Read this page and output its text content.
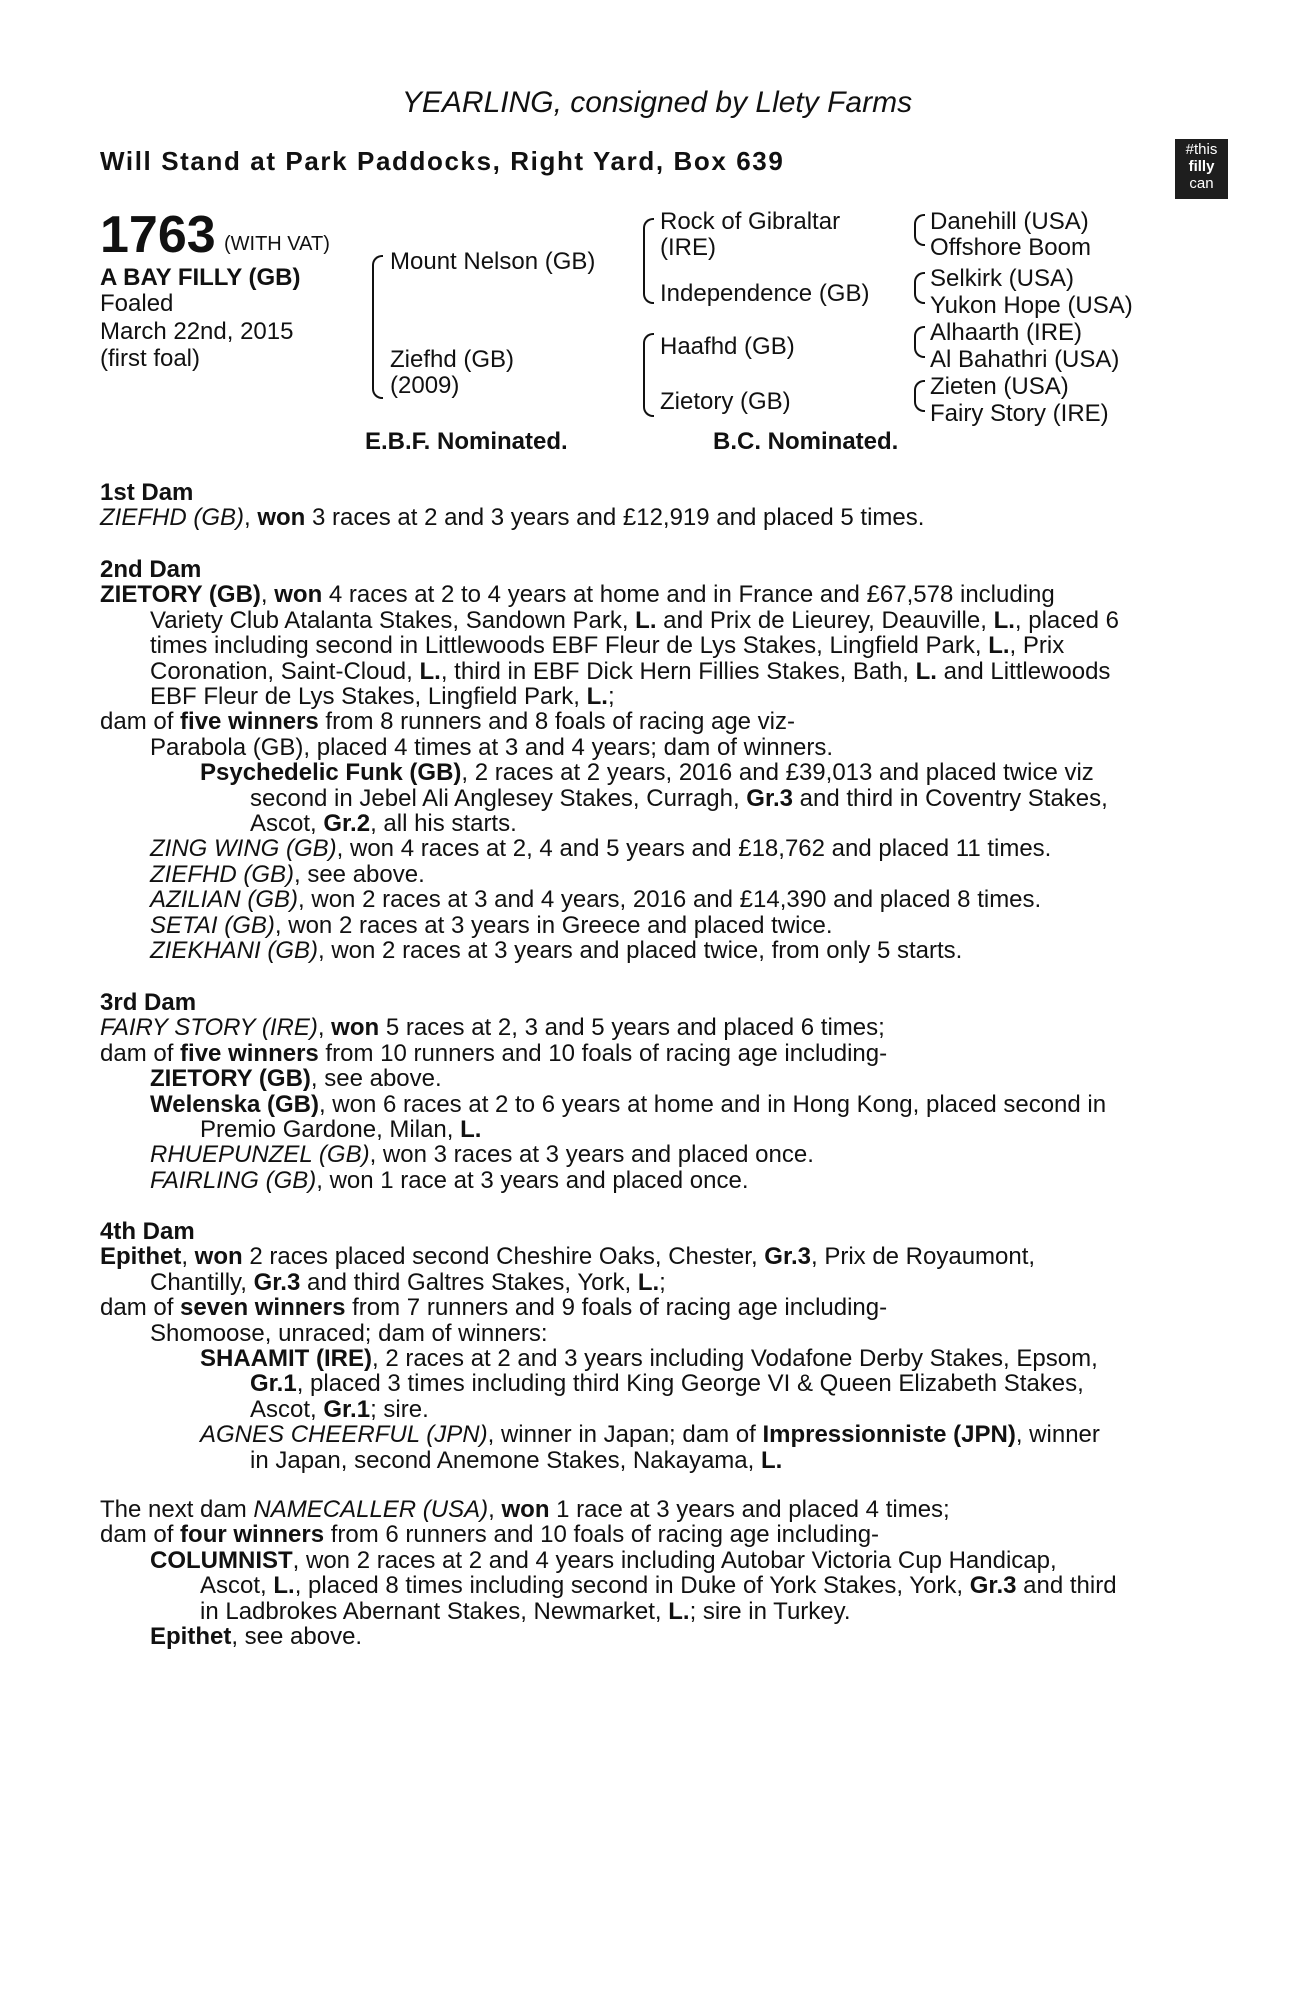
YEARLING, consigned by Llety Farms
Will Stand at Park Paddocks, Right Yard, Box 639	#this
filly
can
1763 (WITH VAT)
A BAY FILLY (GB)
Foaled
March 22nd, 2015
(first foal)
Mount Nelson (GB)
Ziefhd (GB)
(2009)
Rock of Gibraltar
(IRE)
Independence (GB)
Haafhd (GB)
Zietory (GB)
Danehill (USA)
Offshore Boom
Selkirk (USA)
Yukon Hope (USA)
Alhaarth (IRE)
Al Bahathri (USA)
Zieten (USA)
Fairy Story (IRE)
E.B.F. Nominated.	B.C. Nominated.
1st Dam
ZIEFHD (GB), won 3 races at 2 and 3 years and £12,919 and placed 5 times.
2nd Dam
ZIETORY (GB), won 4 races at 2 to 4 years at home and in France and £67,578 including
Variety Club Atalanta Stakes, Sandown Park, L. and Prix de Lieurey, Deauville, L., placed 6
times including second in Littlewoods EBF Fleur de Lys Stakes, Lingfield Park, L., Prix
Coronation, Saint-Cloud, L., third in EBF Dick Hern Fillies Stakes, Bath, L. and Littlewoods
EBF Fleur de Lys Stakes, Lingfield Park, L.;
dam of five winners from 8 runners and 8 foals of racing age viz-
Parabola (GB), placed 4 times at 3 and 4 years; dam of winners.
Psychedelic Funk (GB), 2 races at 2 years, 2016 and £39,013 and placed twice viz
second in Jebel Ali Anglesey Stakes, Curragh, Gr.3 and third in Coventry Stakes,
Ascot, Gr.2, all his starts.
ZING WING (GB), won 4 races at 2, 4 and 5 years and £18,762 and placed 11 times.
ZIEFHD (GB), see above.
AZILIAN (GB), won 2 races at 3 and 4 years, 2016 and £14,390 and placed 8 times.
SETAI (GB), won 2 races at 3 years in Greece and placed twice.
ZIEKHANI (GB), won 2 races at 3 years and placed twice, from only 5 starts.
3rd Dam
FAIRY STORY (IRE), won 5 races at 2, 3 and 5 years and placed 6 times;
dam of five winners from 10 runners and 10 foals of racing age including-
ZIETORY (GB), see above.
Welenska (GB), won 6 races at 2 to 6 years at home and in Hong Kong, placed second in
Premio Gardone, Milan, L.
RHUEPUNZEL (GB), won 3 races at 3 years and placed once.
FAIRLING (GB), won 1 race at 3 years and placed once.
4th Dam
Epithet, won 2 races placed second Cheshire Oaks, Chester, Gr.3, Prix de Royaumont,
Chantilly, Gr.3 and third Galtres Stakes, York, L.;
dam of seven winners from 7 runners and 9 foals of racing age including-
Shomoose, unraced; dam of winners:
SHAAMIT (IRE), 2 races at 2 and 3 years including Vodafone Derby Stakes, Epsom,
Gr.1, placed 3 times including third King George VI & Queen Elizabeth Stakes,
Ascot, Gr.1; sire.
AGNES CHEERFUL (JPN), winner in Japan; dam of Impressionniste (JPN), winner
in Japan, second Anemone Stakes, Nakayama, L.
The next dam NAMECALLER (USA), won 1 race at 3 years and placed 4 times;
dam of four winners from 6 runners and 10 foals of racing age including-
COLUMNIST, won 2 races at 2 and 4 years including Autobar Victoria Cup Handicap,
Ascot, L., placed 8 times including second in Duke of York Stakes, York, Gr.3 and third
in Ladbrokes Abernant Stakes, Newmarket, L.; sire in Turkey.
Epithet, see above.
